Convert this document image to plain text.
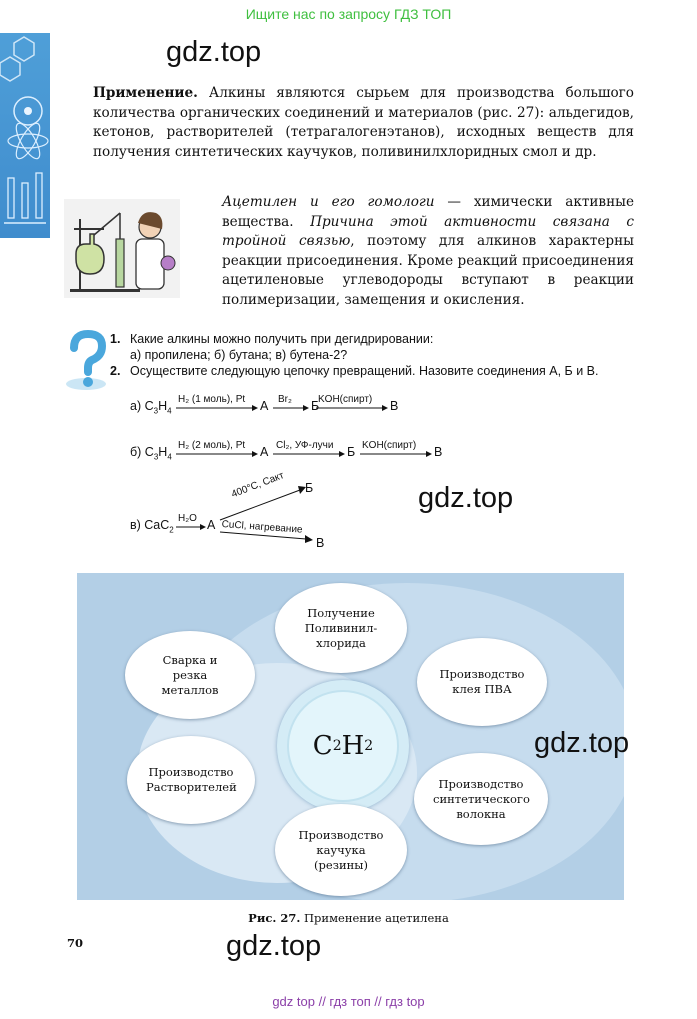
Ищите нас по запросу ГДЗ ТОП
gdz.top

Применение. Алкины являются сырьем для производства большого количества органических соединений и материалов (рис. 27): альдегидов, кетонов, растворителей (тетрагалогенэтанов), исходных веществ для получения синтетических каучуков, поливинилхлоридных смол и др.

Ацетилен и его гомологи — химически активные вещества. Причина этой активности связана с тройной связью, поэтому для алкинов характерны реакции присоединения. Кроме реакций присоединения ацетиленовые углеводороды вступают в реакции полимеризации, замещения и окисления.

1. Какие алкины можно получить при дегидрировании:
а) пропилена; б) бутана; в) бутена-2?
2. Осуществите следующую цепочку превращений. Назовите соединения А, Б и В.
а) $C_3H_4$
H₂ (1 моль), Pt А Br₂ Б
KOH(спирт) В
б) $C_3H_4$
H₂ (2 моль), Pt А Cl₂, УФ-лучи Б KOH(спирт) В
в) CaC$_2$
H₂O А
400°C, Cакт Б
CuCl, нагревание
В
gdz.top
C 2 H 2
Получение Поливинил-хлорида
Производство клея ПВА
Производство синтетического волокна
Производство каучука (резины)
Производство Растворителей
Сварка и резка металлов
gdz.top
Рис. 27. Применение ацетилена
70	gdz.top
gdz top // гдз топ // гдз top
